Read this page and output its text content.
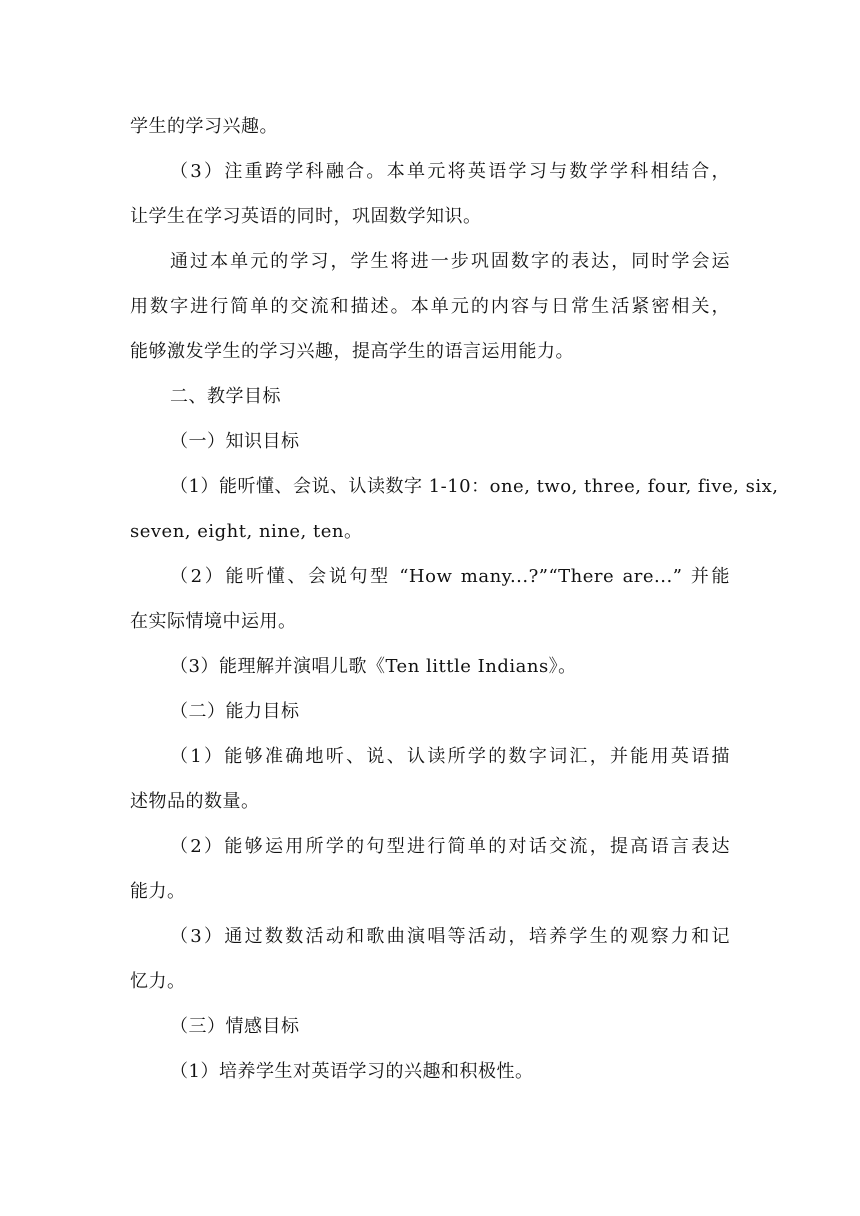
学生的学习兴趣。
（3）注重跨学科融合。本单元将英语学习与数学学科相结合，
让学生在学习英语的同时，巩固数学知识。
通过本单元的学习，学生将进一步巩固数字的表达，同时学会运
用数字进行简单的交流和描述。本单元的内容与日常生活紧密相关，
能够激发学生的学习兴趣，提高学生的语言运用能力。
二、教学目标
（一）知识目标
（1）能听懂、会说、认读数字 1-10：one, two, three, four, five, six,
seven, eight, nine, ten。
（2）能听懂、会说句型 “How many...?”“There are...” 并能
在实际情境中运用。
（3）能理解并演唱儿歌《Ten little Indians》。
（二）能力目标
（1）能够准确地听、说、认读所学的数字词汇，并能用英语描
述物品的数量。
（2）能够运用所学的句型进行简单的对话交流，提高语言表达
能力。
（3）通过数数活动和歌曲演唱等活动，培养学生的观察力和记
忆力。
（三）情感目标
（1）培养学生对英语学习的兴趣和积极性。
